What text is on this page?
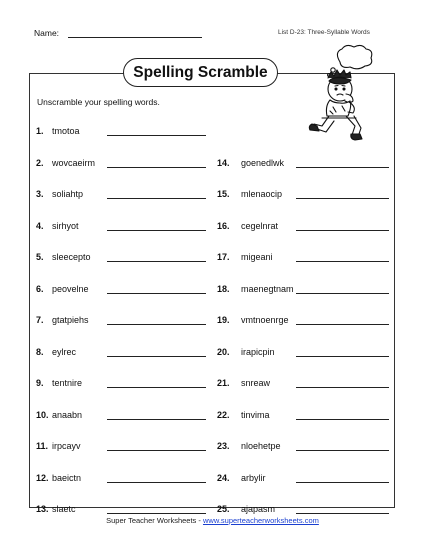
Name:	List D-23: Three-Syllable Words
Spelling Scramble
Unscramble your spelling words.
1. tmotoa
2. wovcaeirm
3. soliahtp
4. sirhyot
5. sleecepto
6. peovelne
7. gtatpiehs
8. eylrec
9. tentnire
10. anaabn
11. irpcayv
12. baeictn
13. slaetc
14. goenedlwk
15. mlenaocip
16. cegelnrat
17. migeani
18. maenegtnam
19. vmtnoenrge
20. irapicpin
21. snreaw
22. tinvima
23. nloehetpe
24. arbylir
25. ajapasm
Super Teacher Worksheets - www.superteacherworksheets.com
